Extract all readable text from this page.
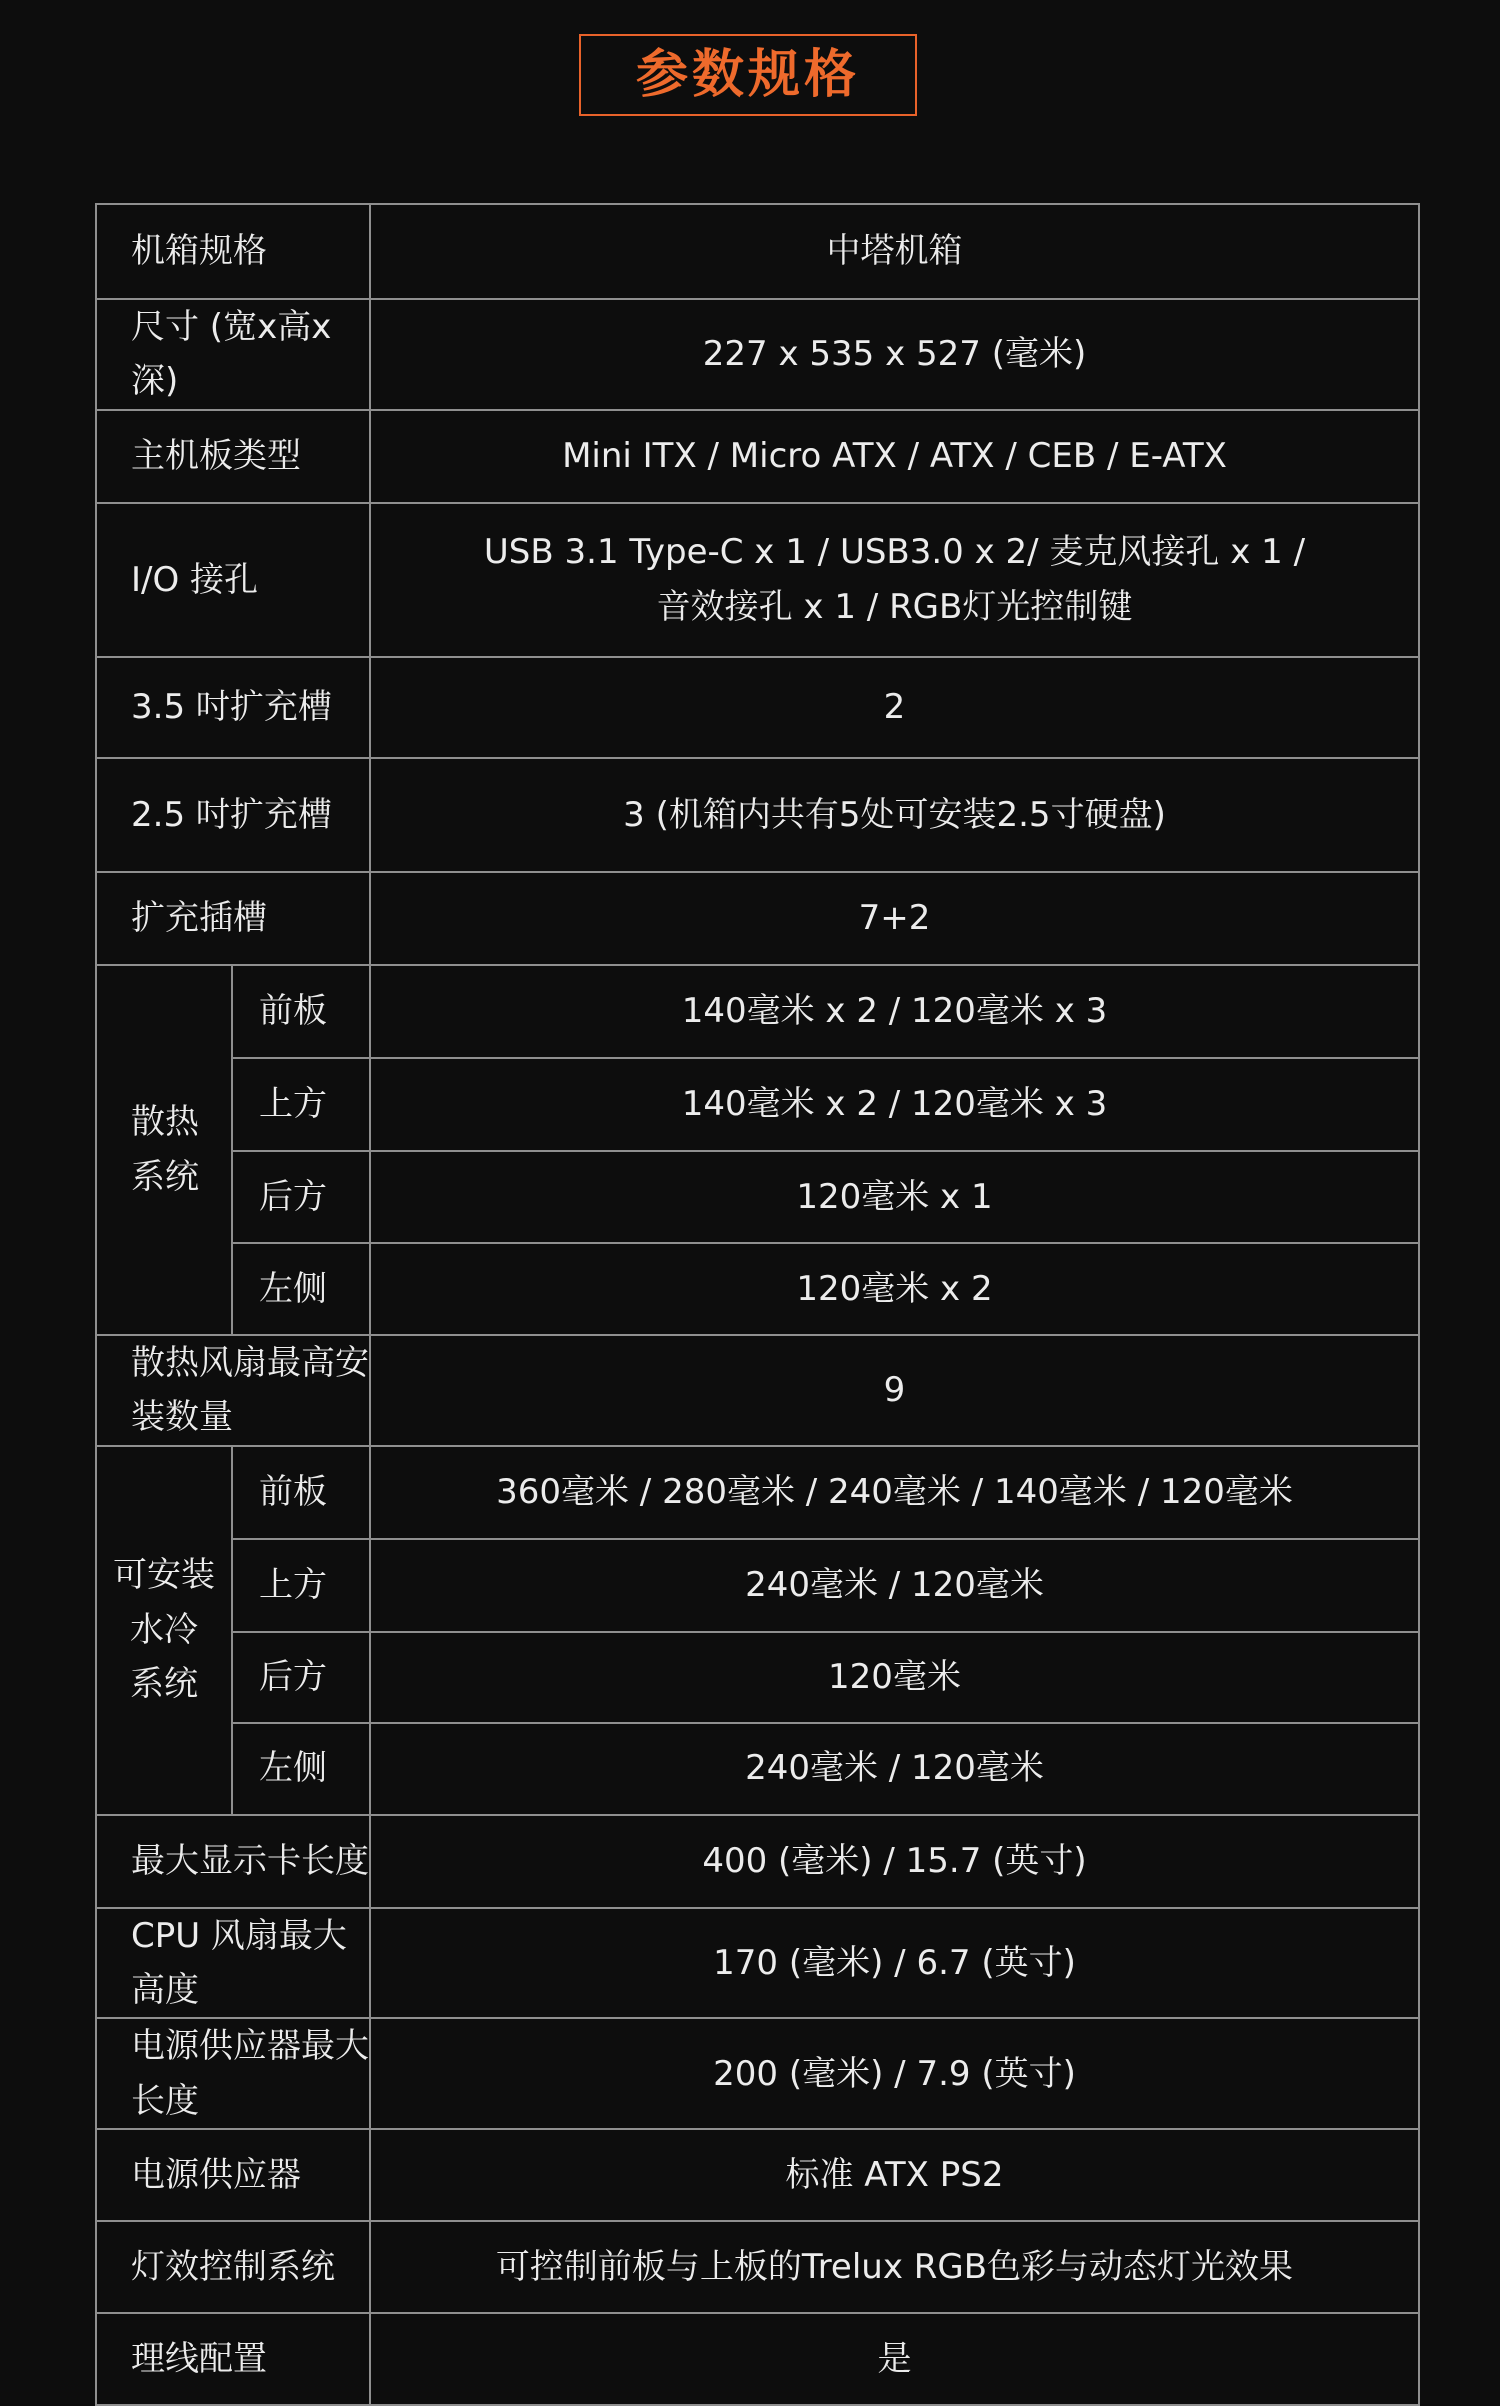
参数规格
机箱规格		中塔机箱
尺寸 (宽x高x深)		227 x 535 x 527 (毫米)
主机板类型		Mini ITX / Micro ATX / ATX / CEB / E-ATX
I/O 接孔		USB 3.1 Type-C x 1 / USB3.0 x 2/ 麦克风接孔 x 1 /
音效接孔 x 1 / RGB灯光控制键

3.5 吋扩充槽		2
2.5 吋扩充槽		3 (机箱内共有5处可安装2.5寸硬盘)
扩充插槽		7+2
散热系统	前板	140毫米 x 2 / 120毫米 x 3
	上方	140毫米 x 2 / 120毫米 x 3
	后方	120毫米 x 1
	左侧	120毫米 x 2
散热风扇最高安装数量		9

可安装水冷
系统	前板	360毫米 / 280毫米 / 240毫米 / 140毫米 / 120毫米
	上方	240毫米 / 120毫米
	后方	120毫米
	左侧	240毫米 / 120毫米
最大显示卡长度		400 (毫米) / 15.7 (英寸)
CPU 风扇最大高度		170 (毫米) / 6.7 (英寸)
电源供应器最大长度		200 (毫米) / 7.9 (英寸)
电源供应器		标准 ATX PS2
灯效控制系统		可控制前板与上板的Trelux RGB色彩与动态灯光效果
理线配置		是
